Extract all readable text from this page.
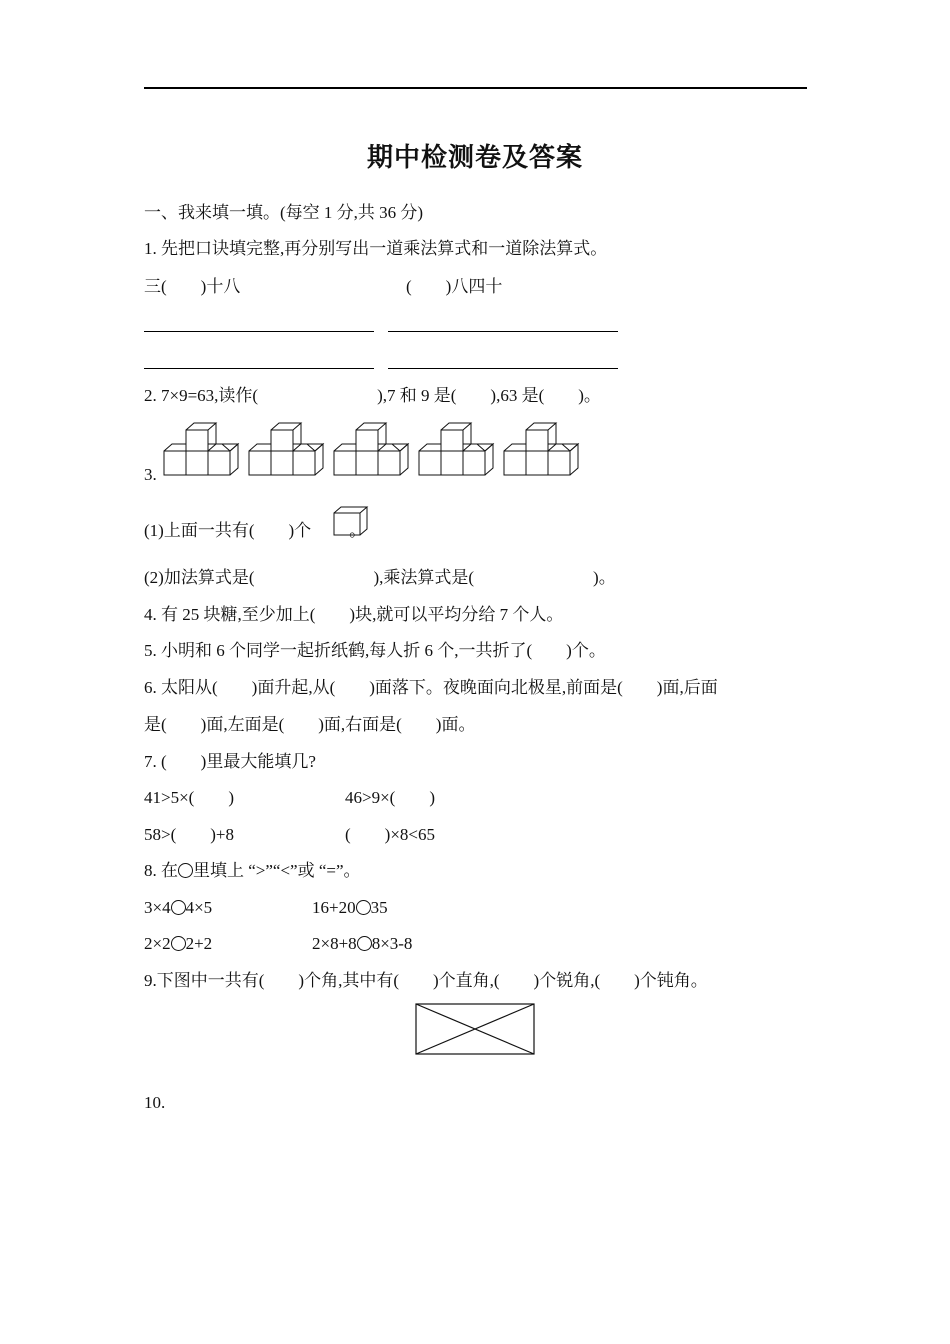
期中检测卷及答案
一、我来填一填。(每空 1 分,共 36 分)
1. 先把口诀填完整,再分别写出一道乘法算式和一道除法算式。
三(　　)十八	(　　)八四十
2. 7×9=63,读作(　　　　　　　),7 和 9 是(　　),63 是(　　)。
3.
(1)上面一共有(　　)个 。
(2)加法算式是(　　　　　　　),乘法算式是(　　　　　　　)。
4. 有 25 块糖,至少加上(　　)块,就可以平均分给 7 个人。
5. 小明和 6 个同学一起折纸鹤,每人折 6 个,一共折了(　　)个。
6. 太阳从(　　)面升起,从(　　)面落下。夜晚面向北极星,前面是(　　)面,后面
是(　　)面,左面是(　　)面,右面是(　　)面。
7. (　　)里最大能填几?
41>5×(　　)	46>9×(　　)
58>(　　)+8	(　　)×8<65
8. 在 里填上 “>”“<”或 “=”。
3×4 4×5	16+20 35
2×2 2+2	2×8+8 8×3-8
9.下图中一共有(　　)个角,其中有(　　)个直角,(　　)个锐角,(　　)个钝角。
10.
